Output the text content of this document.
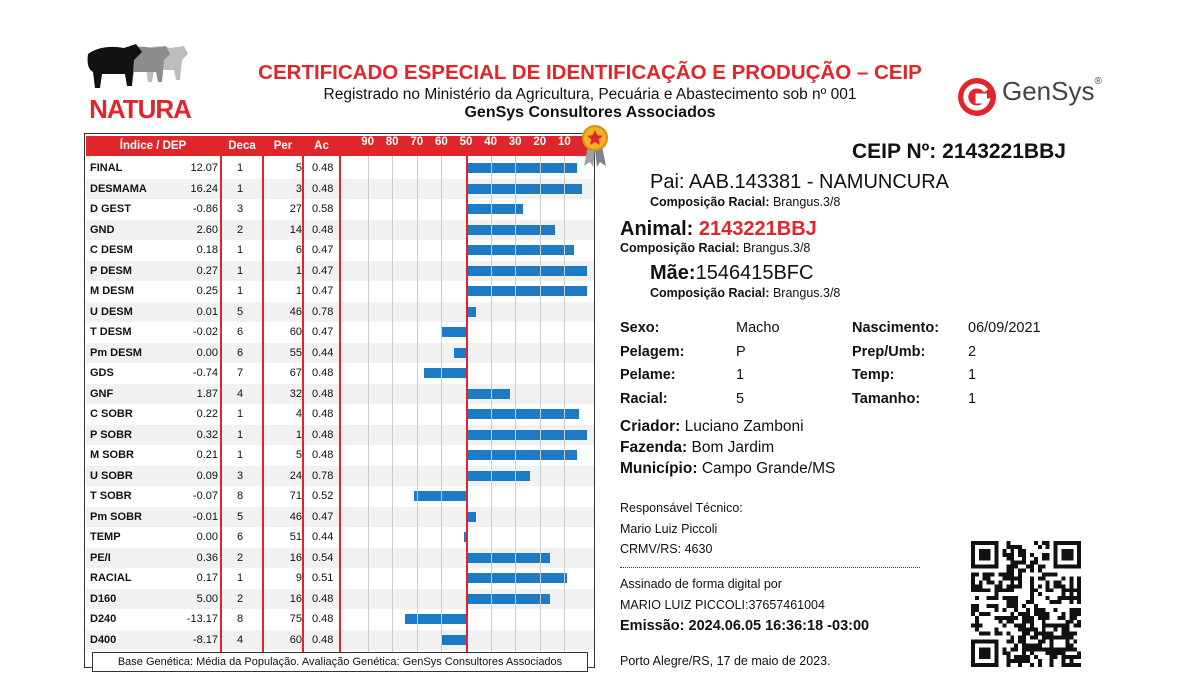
NATURA
CERTIFICADO ESPECIAL DE IDENTIFICAÇÃO E PRODUÇÃO – CEIP
Registrado no Ministério da Agricultura, Pecuária e Abastecimento sob nº 001
GenSys Consultores Associados
GenSys®
Índice / DEP	Deca	Per	Ac	90	80	70	60	50	40	30	20	10
FINAL	12.07	1	5 0.48
DESMAMA	16.24	1	3 0.48
D GEST	-0.86	3	27 0.58
GND	2.60	2	14 0.48
C DESM	0.18	1	6 0.47
P DESM	0.27	1	1 0.47
M DESM	0.25	1	1 0.47
U DESM	0.01	5	46 0.78
T DESM	-0.02	6	60 0.47
Pm DESM	0.00	6	55 0.44
GDS	-0.74	7	67 0.48
GNF	1.87	4	32 0.48
C SOBR	0.22	1	4 0.48
P SOBR	0.32	1	1 0.48
M SOBR	0.21	1	5 0.48
U SOBR	0.09	3	24 0.78
T SOBR	-0.07	8	71 0.52
Pm SOBR	-0.01	5	46 0.47
TEMP	0.00	6	51 0.44
PE/I	0.36	2	16 0.54
RACIAL	0.17	1	9 0.51
D160	5.00	2	16 0.48
D240	-13.17	8	75 0.48
D400	-8.17	4	60 0.48
Base Genética: Média da População. Avaliação Genética: GenSys Consultores Associados
CEIP Nº: 2143221BBJ
Pai: AAB.143381 - NAMUNCURA
Composição Racial: Brangus.3/8
Animal: 2143221BBJ
Composição Racial: Brangus.3/8
Mãe:1546415BFC
Composição Racial: Brangus.3/8
Sexo:	Macho
Pelagem:	P
Pelame:	1
Racial:	5
Nascimento: 06/09/2021
Prep/Umb:	2
Temp:	1
Tamanho:	1
Criador: Luciano Zamboni
Fazenda: Bom Jardim
Município: Campo Grande/MS
Responsável Técnico:
Mario Luiz Piccoli
CRMV/RS: 4630
Assinado de forma digital por
MARIO LUIZ PICCOLI:37657461004
Emissão: 2024.06.05 16:36:18 -03:00
Porto Alegre/RS, 17 de maio de 2023.
